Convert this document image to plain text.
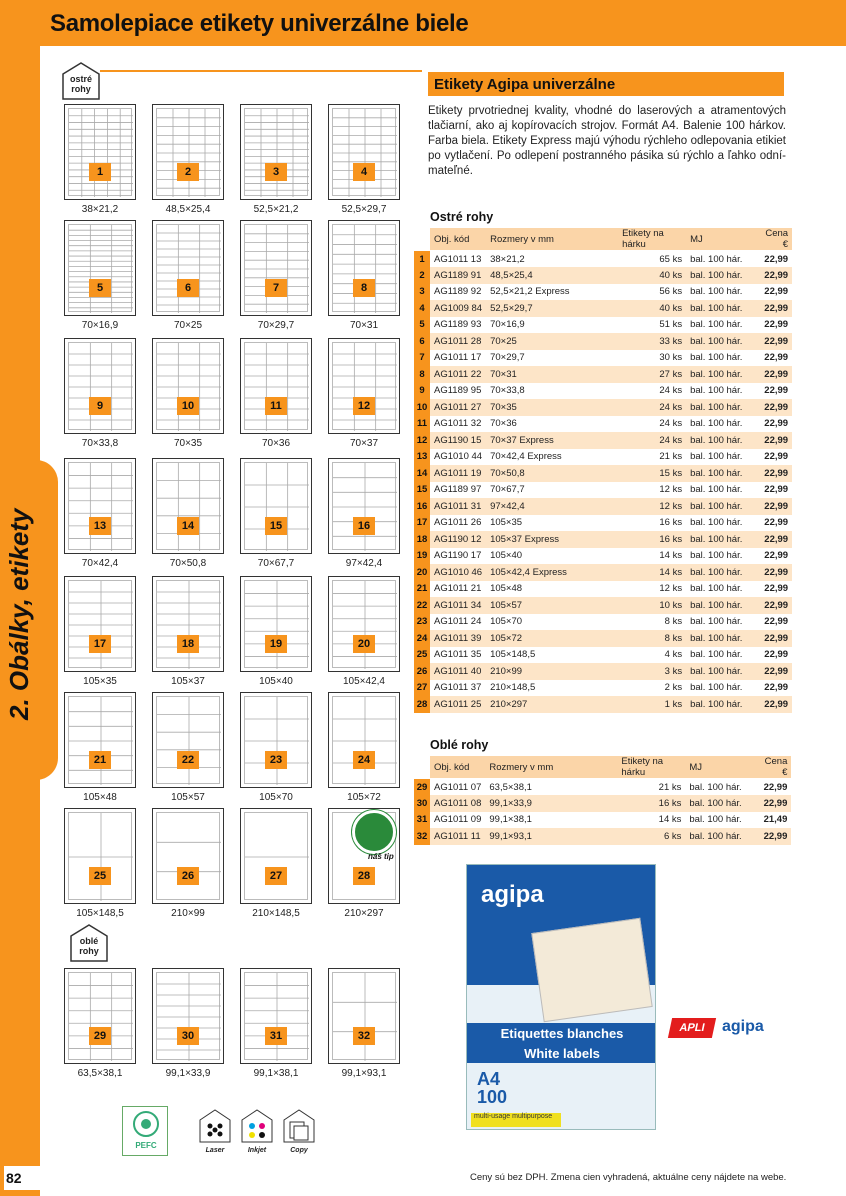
2. Obálky, etikety
Samolepiace etikety univerzálne biele
ostré
rohy
oblé
rohy
1
38×21,2
2
48,5×25,4
3
52,5×21,2
4
52,5×29,7
5
70×16,9
6
70×25
7
70×29,7
8
70×31
9
70×33,8
10
70×35
11
70×36
12
70×37
13
70×42,4
14
70×50,8
15
70×67,7
16
97×42,4
17
105×35
18
105×37
19
105×40
20
105×42,4
21
105×48
22
105×57
23
105×70
24
105×72
25
105×148,5
26
210×99
27
210×148,5
28
210×297
29
63,5×38,1
30
99,1×33,9
31
99,1×38,1
32
99,1×93,1
náš tip
Etikety Agipa univerzálne
Etikety prvotriednej kvality, vhodné do laserových a atramentových tlačiarní, ako aj kopírovacích strojov. Formát A4. Balenie 100 hárkov. Farba biela. Etikety Express majú výhodu rýchleho odlepovania etikiet po vytlačení. Po odlepení postranného pásika sú rýchlo a ľahko odnímateľné.
Ostré rohy
	Obj. kód	Rozmery v mm	Etikety na hárku	MJ	Cena €
1	AG1011 13	38×21,2	65 ks	bal. 100 hár.	22,99
2	AG1189 91	48,5×25,4	40 ks	bal. 100 hár.	22,99
3	AG1189 92	52,5×21,2 Express	56 ks	bal. 100 hár.	22,99
4	AG1009 84	52,5×29,7	40 ks	bal. 100 hár.	22,99
5	AG1189 93	70×16,9	51 ks	bal. 100 hár.	22,99
6	AG1011 28	70×25	33 ks	bal. 100 hár.	22,99
7	AG1011 17	70×29,7	30 ks	bal. 100 hár.	22,99
8	AG1011 22	70×31	27 ks	bal. 100 hár.	22,99
9	AG1189 95	70×33,8	24 ks	bal. 100 hár.	22,99
10	AG1011 27	70×35	24 ks	bal. 100 hár.	22,99
11	AG1011 32	70×36	24 ks	bal. 100 hár.	22,99
12	AG1190 15	70×37 Express	24 ks	bal. 100 hár.	22,99
13	AG1010 44	70×42,4 Express	21 ks	bal. 100 hár.	22,99
14	AG1011 19	70×50,8	15 ks	bal. 100 hár.	22,99
15	AG1189 97	70×67,7	12 ks	bal. 100 hár.	22,99
16	AG1011 31	97×42,4	12 ks	bal. 100 hár.	22,99
17	AG1011 26	105×35	16 ks	bal. 100 hár.	22,99
18	AG1190 12	105×37 Express	16 ks	bal. 100 hár.	22,99
19	AG1190 17	105×40	14 ks	bal. 100 hár.	22,99
20	AG1010 46	105×42,4 Express	14 ks	bal. 100 hár.	22,99
21	AG1011 21	105×48	12 ks	bal. 100 hár.	22,99
22	AG1011 34	105×57	10 ks	bal. 100 hár.	22,99
23	AG1011 24	105×70	8 ks	bal. 100 hár.	22,99
24	AG1011 39	105×72	8 ks	bal. 100 hár.	22,99
25	AG1011 35	105×148,5	4 ks	bal. 100 hár.	22,99
26	AG1011 40	210×99	3 ks	bal. 100 hár.	22,99
27	AG1011 37	210×148,5	2 ks	bal. 100 hár.	22,99
28	AG1011 25	210×297	1 ks	bal. 100 hár.	22,99
Oblé rohy
	Obj. kód	Rozmery v mm	Etikety na hárku	MJ	Cena €
29	AG1011 07	63,5×38,1	21 ks	bal. 100 hár.	22,99
30	AG1011 08	99,1×33,9	16 ks	bal. 100 hár.	22,99
31	AG1011 09	99,1×38,1	14 ks	bal. 100 hár.	21,49
32	AG1011 11	99,1×93,1	6 ks	bal. 100 hár.	22,99
agipa
Etiquettes blanches
White labels
A4
100
multi-usage multipurpose
APLI	agipa
PEFC
Laser	Inkjet	Copy
Ceny sú bez DPH. Zmena cien vyhradená, aktuálne ceny nájdete na webe.
82
